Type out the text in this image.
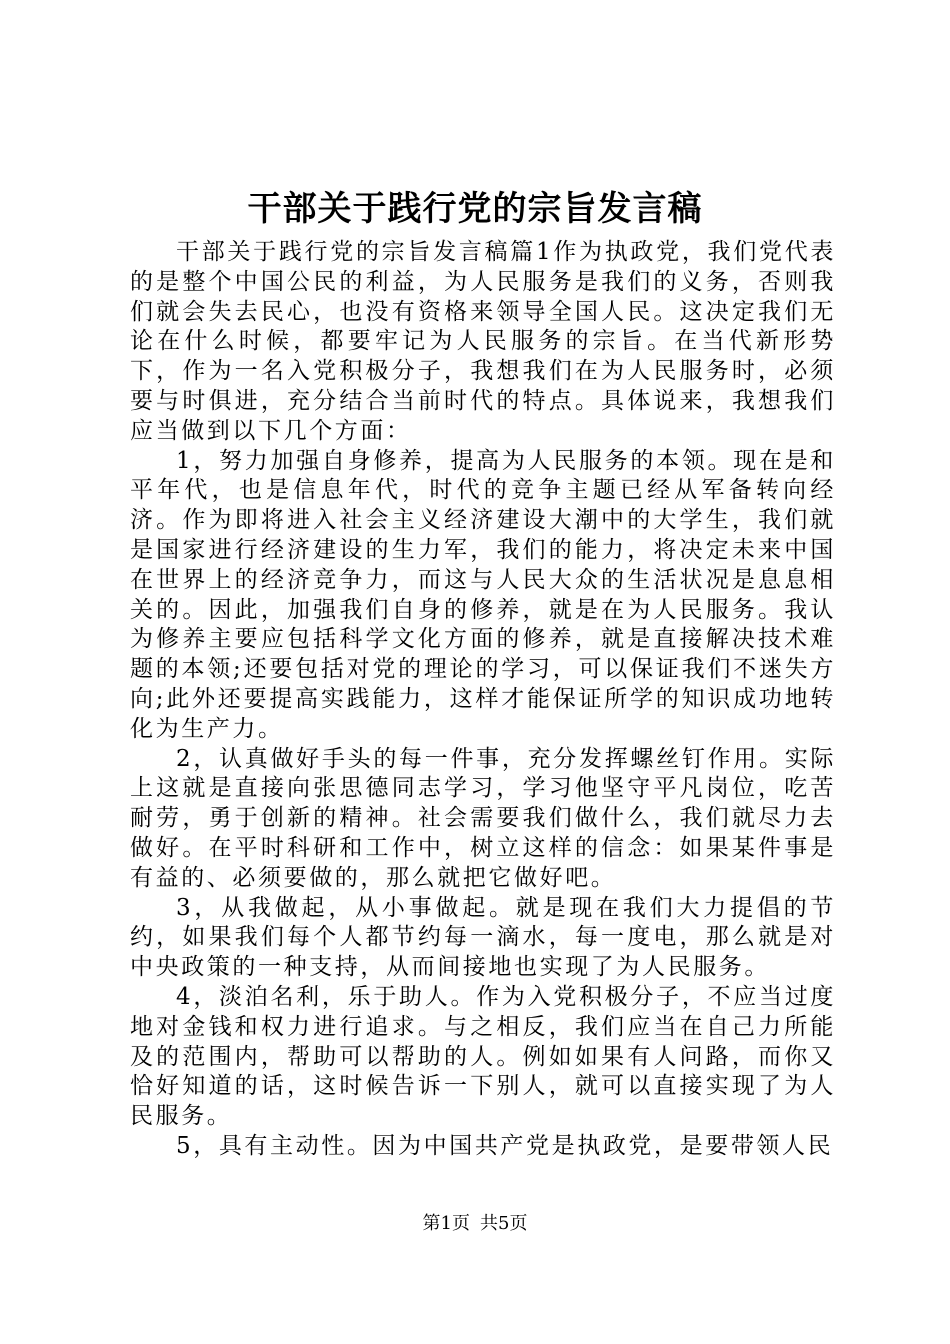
干部关于践行党的宗旨发言稿

干部关于践行党的宗旨发言稿篇1作为执政党，我们党代表的是整个中国公民的利益，为人民服务是我们的义务，否则我们就会失去民心，也没有资格来领导全国人民。这决定我们无论在什么时候，都要牢记为人民服务的宗旨。在当代新形势下，作为一名入党积极分子，我想我们在为人民服务时，必须要与时俱进，充分结合当前时代的特点。具体说来，我想我们应当做到以下几个方面：

1，努力加强自身修养，提高为人民服务的本领。现在是和平年代，也是信息年代，时代的竞争主题已经从军备转向经济。作为即将进入社会主义经济建设大潮中的大学生，我们就是国家进行经济建设的生力军，我们的能力，将决定未来中国在世界上的经济竞争力，而这与人民大众的生活状况是息息相关的。因此，加强我们自身的修养，就是在为人民服务。我认为修养主要应包括科学文化方面的修养，就是直接解决技术难题的本领;还要包括对党的理论的学习，可以保证我们不迷失方向;此外还要提高实践能力，这样才能保证所学的知识成功地转化为生产力。

2，认真做好手头的每一件事，充分发挥螺丝钉作用。实际上这就是直接向张思德同志学习，学习他坚守平凡岗位，吃苦耐劳，勇于创新的精神。社会需要我们做什么，我们就尽力去做好。在平时科研和工作中，树立这样的信念：如果某件事是有益的、必须要做的，那么就把它做好吧。

3，从我做起，从小事做起。就是现在我们大力提倡的节约，如果我们每个人都节约每一滴水，每一度电，那么就是对中央政策的一种支持，从而间接地也实现了为人民服务。

4，淡泊名利，乐于助人。作为入党积极分子，不应当过度地对金钱和权力进行追求。与之相反，我们应当在自己力所能及的范围内，帮助可以帮助的人。例如如果有人问路，而你又恰好知道的话，这时候告诉一下别人，就可以直接实现了为人民服务。

5，具有主动性。因为中国共产党是执政党，是要带领人民

第1页 共5页
